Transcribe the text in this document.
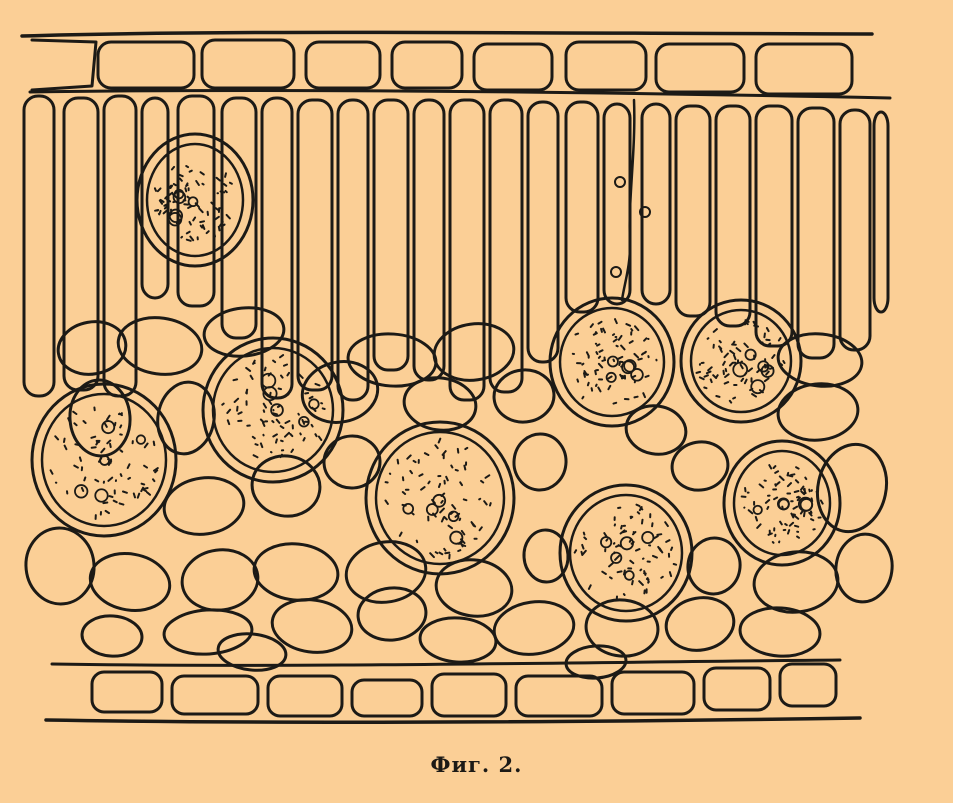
Фиг. 2.
